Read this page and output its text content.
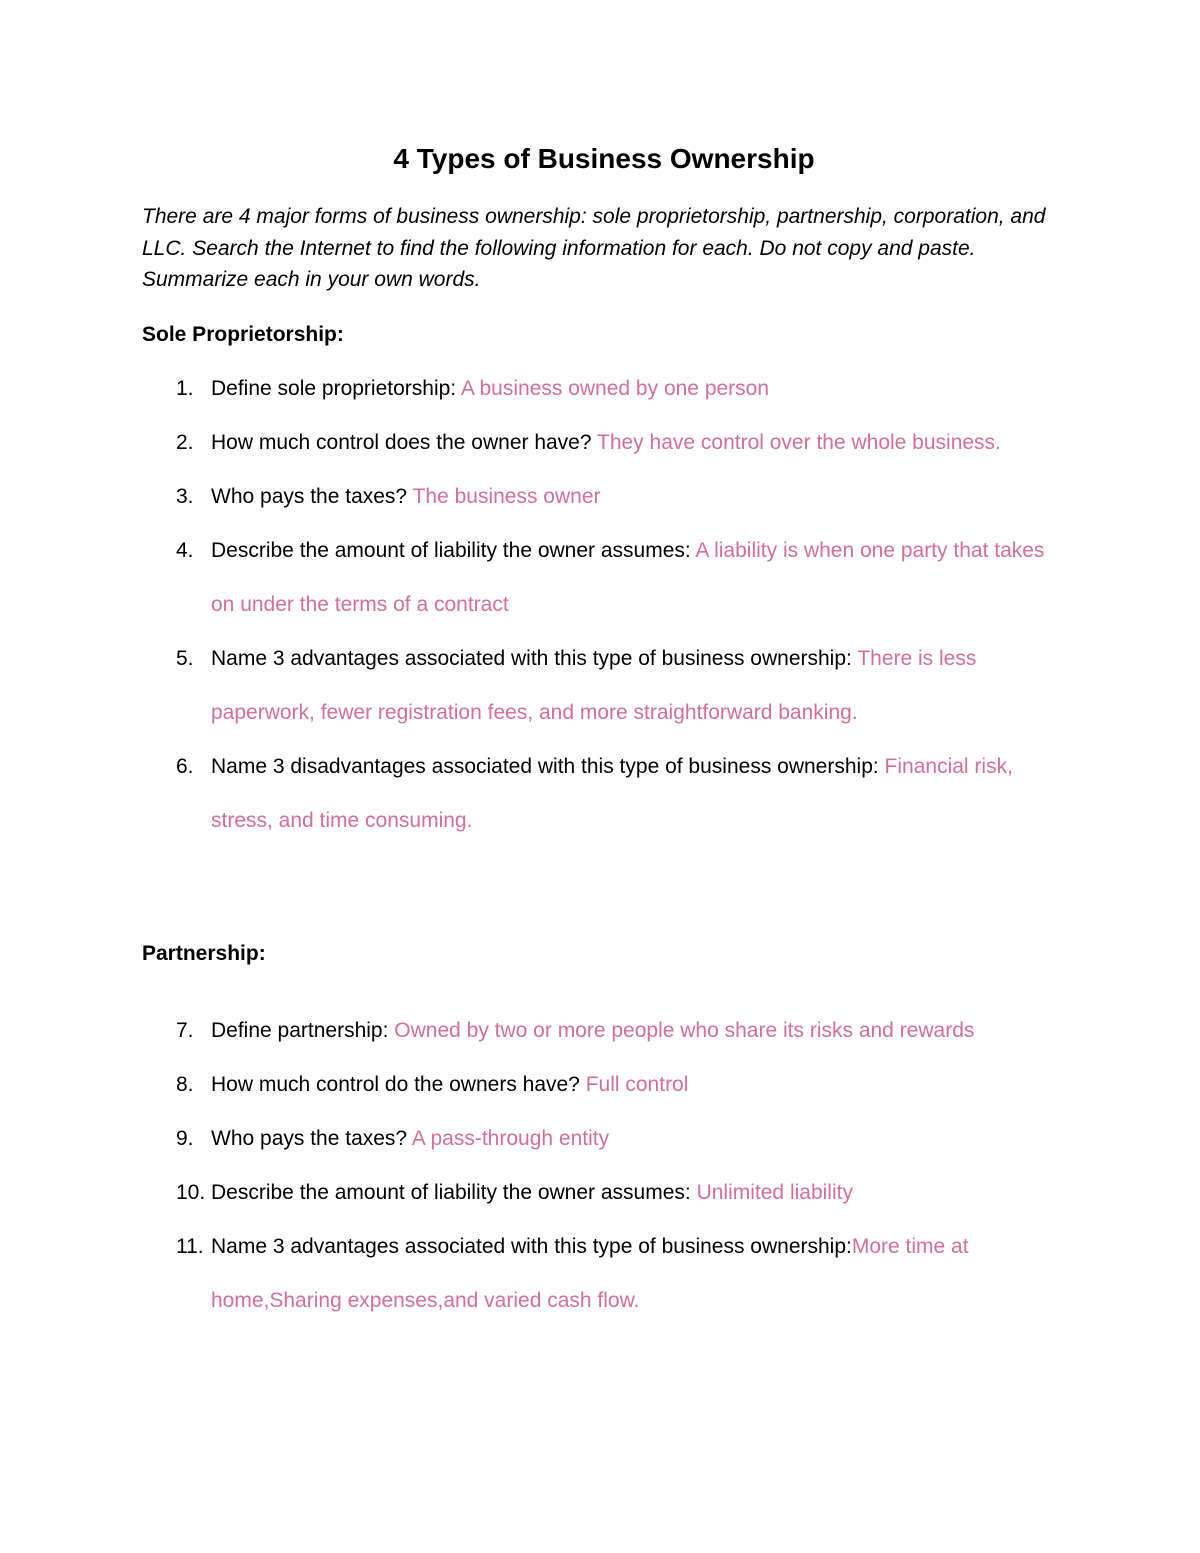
4 Types of Business Ownership

There are 4 major forms of business ownership: sole proprietorship, partnership, corporation, and LLC. Search the Internet to find the following information for each. Do not copy and paste. Summarize each in your own words.

Sole Proprietorship:
1. Define sole proprietorship: A business owned by one person
2. How much control does the owner have? They have control over the whole business.
3. Who pays the taxes? The business owner
4. Describe the amount of liability the owner assumes: A liability is when one party that takes on under the terms of a contract
5. Name 3 advantages associated with this type of business ownership: There is less paperwork, fewer registration fees, and more straightforward banking.
6. Name 3 disadvantages associated with this type of business ownership: Financial risk, stress, and time consuming.
Partnership:
7. Define partnership: Owned by two or more people who share its risks and rewards
8. How much control do the owners have? Full control
9. Who pays the taxes? A pass-through entity
10. Describe the amount of liability the owner assumes: Unlimited liability
11. Name 3 advantages associated with this type of business ownership:More time at home,Sharing expenses,and varied cash flow.
